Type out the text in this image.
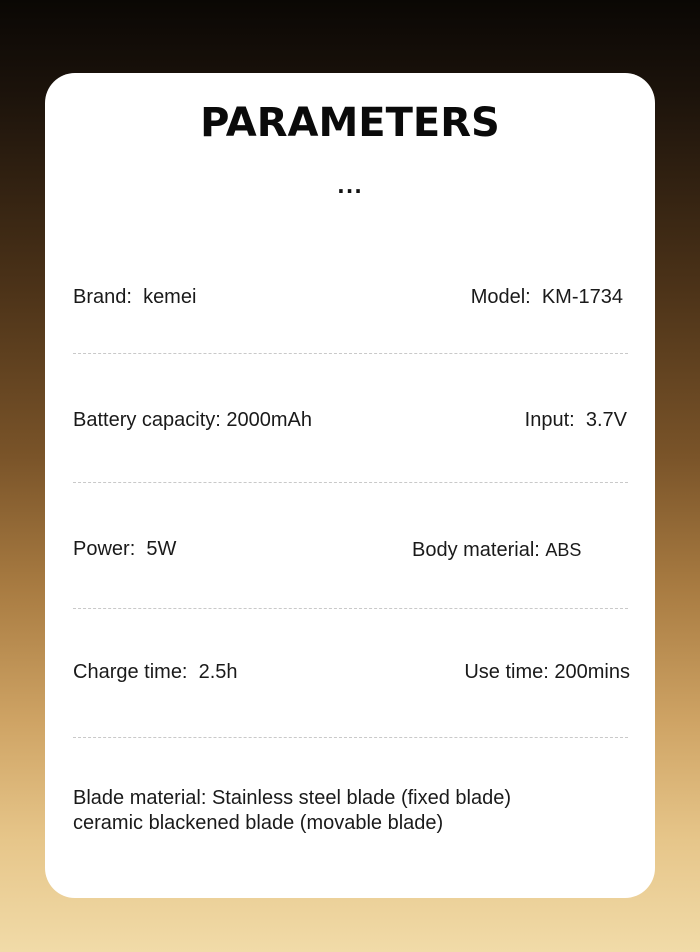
PARAMETERS
...
Brand: kemei	Model: KM-1734
Battery capacity: 2000mAh	Input: 3.7V
Power: 5W	Body material: ABS
Charge time: 2.5h	Use time: 200mins
Blade material: Stainless steel blade (fixed blade)
ceramic blackened blade (movable blade)
